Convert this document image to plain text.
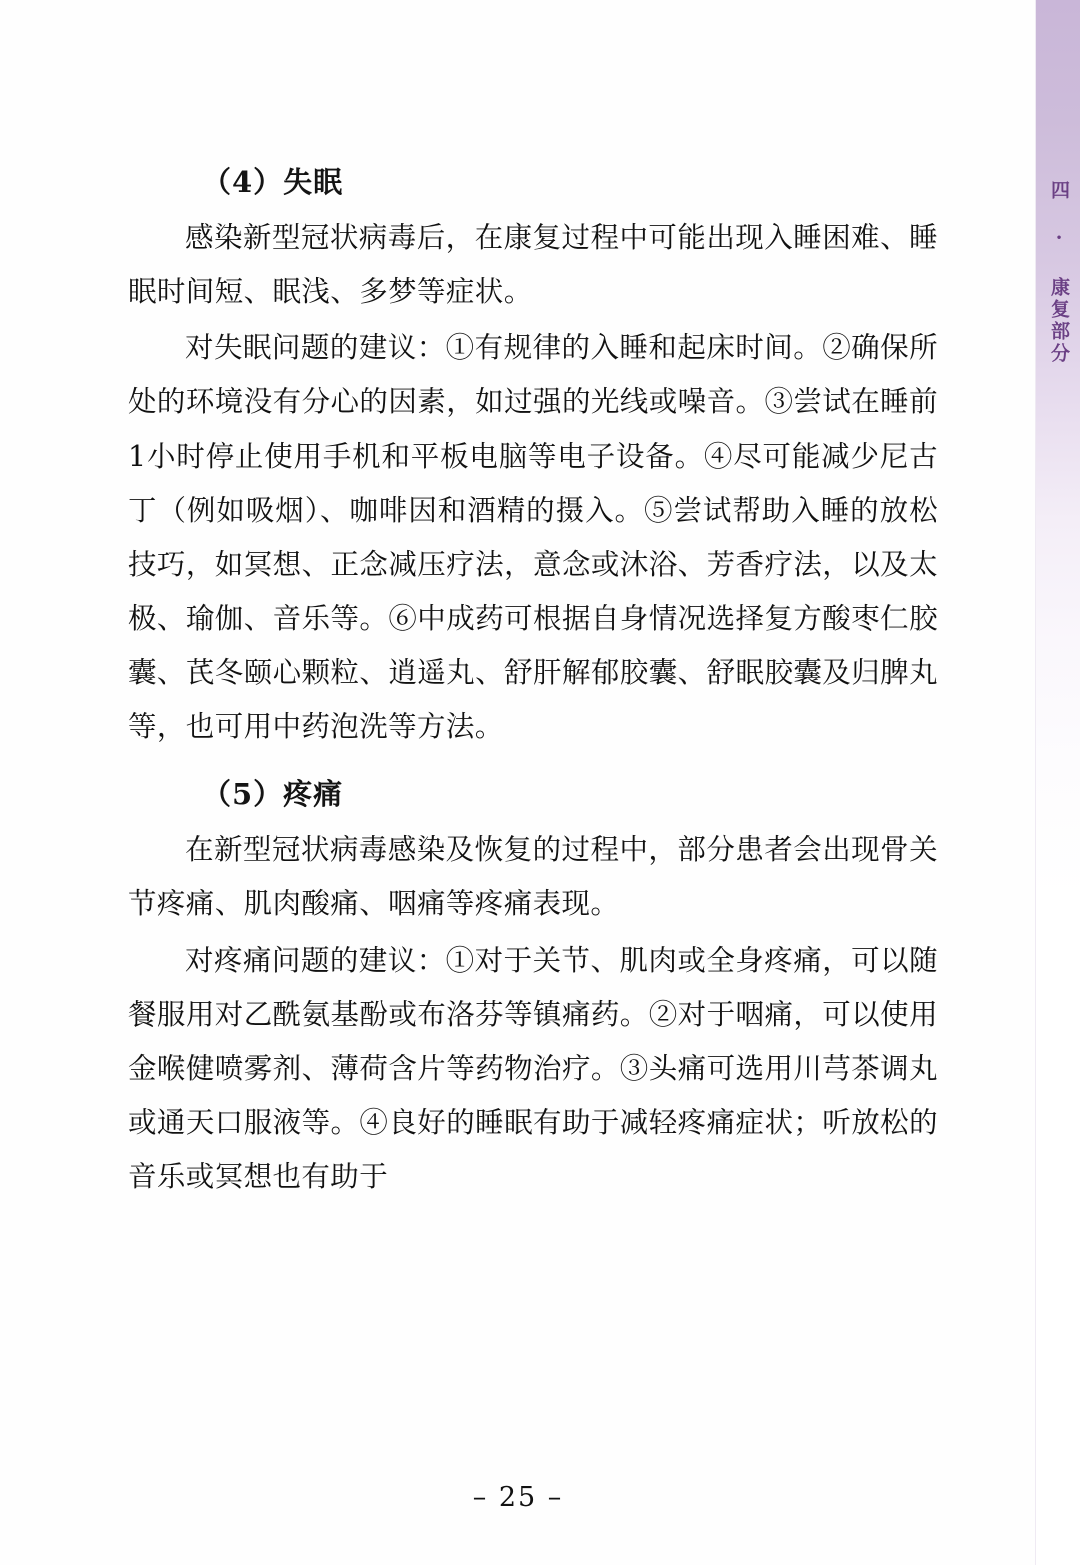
四 · 康复部分
（4）失眠

感染新型冠状病毒后，在康复过程中可能出现入睡困难、睡眠时间短、眠浅、多梦等症状。

对失眠问题的建议：①有规律的入睡和起床时间。②确保所处的环境没有分心的因素，如过强的光线或噪音。③尝试在睡前1小时停止使用手机和平板电脑等电子设备。④尽可能减少尼古丁（例如吸烟）、咖啡因和酒精的摄入。⑤尝试帮助入睡的放松技巧，如冥想、正念减压疗法，意念或沐浴、芳香疗法，以及太极、瑜伽、音乐等。⑥中成药可根据自身情况选择复方酸枣仁胶囊、芪冬颐心颗粒、逍遥丸、舒肝解郁胶囊、舒眠胶囊及归脾丸等，也可用中药泡洗等方法。

（5）疼痛

在新型冠状病毒感染及恢复的过程中，部分患者会出现骨关节疼痛、肌肉酸痛、咽痛等疼痛表现。

对疼痛问题的建议：①对于关节、肌肉或全身疼痛，可以随餐服用对乙酰氨基酚或布洛芬等镇痛药。②对于咽痛，可以使用金喉健喷雾剂、薄荷含片等药物治疗。③头痛可选用川芎茶调丸或通天口服液等。④良好的睡眠有助于减轻疼痛症状；听放松的音乐或冥想也有助于

– 25 –
